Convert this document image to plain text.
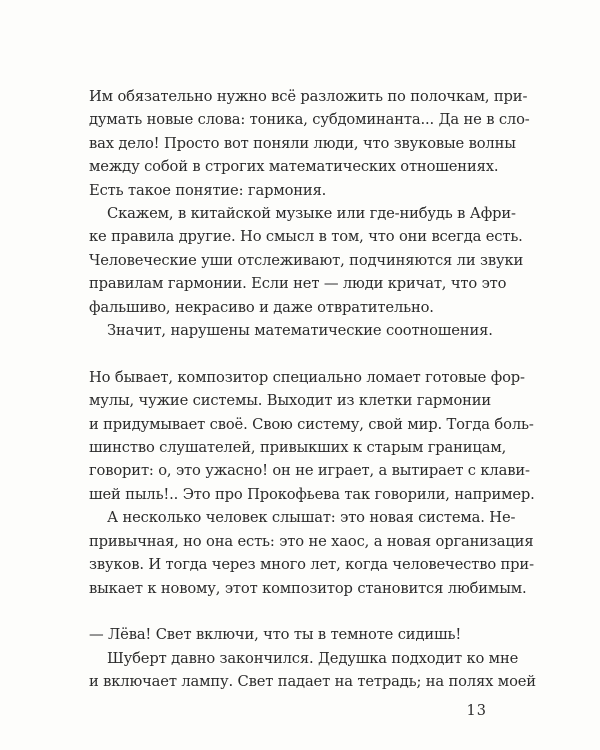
Им обязательно нужно всё разложить по полочкам, при-
думать новые слова: тоника, субдоминанта... Да не в сло-
вах дело! Просто вот поняли люди, что звуковые волны
между собой в строгих математических отношениях.
Есть такое понятие: гармония.
Скажем, в китайской музыке или где-нибудь в Афри-
ке правила другие. Но смысл в том, что они всегда есть.
Человеческие уши отслеживают, подчиняются ли звуки
правилам гармонии. Если нет — люди кричат, что это
фальшиво, некрасиво и даже отвратительно.
Значит, нарушены математические соотношения.
Но бывает, композитор специально ломает готовые фор-
мулы, чужие системы. Выходит из клетки гармонии
и придумывает своё. Свою систему, свой мир. Тогда боль-
шинство слушателей, привыкших к старым границам,
говорит: о, это ужасно! он не играет, а вытирает с клави-
шей пыль!.. Это про Прокофьева так говорили, например.
А несколько человек слышат: это новая система. Не-
привычная, но она есть: это не хаос, а новая организация
звуков. И тогда через много лет, когда человечество при-
выкает к новому, этот композитор становится любимым.
— Лёва! Свет включи, что ты в темноте сидишь!
Шуберт давно закончился. Дедушка подходит ко мне
и включает лампу. Свет падает на тетрадь; на полях моей
13
